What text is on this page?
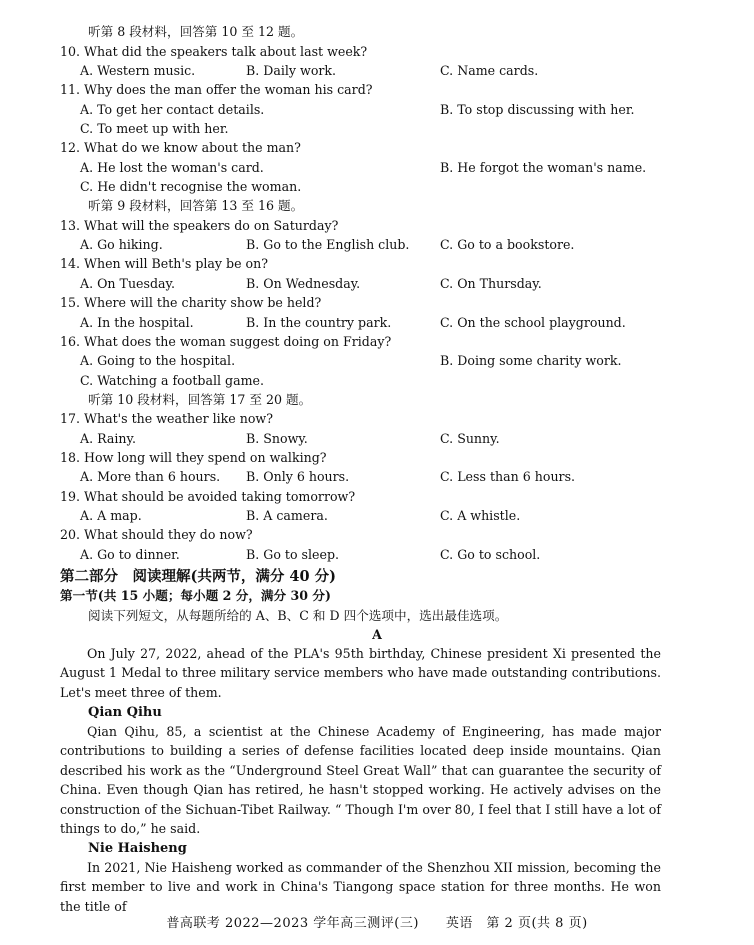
听第 8 段材料，回答第 10 至 12 题。
10. What did the speakers talk about last week?
A. Western music.	B. Daily work.	C. Name cards.
11. Why does the man offer the woman his card?
A. To get her contact details.	B. To stop discussing with her.
C. To meet up with her.
12. What do we know about the man?
A. He lost the woman's card.	B. He forgot the woman's name.
C. He didn't recognise the woman.
听第 9 段材料，回答第 13 至 16 题。
13. What will the speakers do on Saturday?
A. Go hiking.	B. Go to the English club. C. Go to a bookstore.
14. When will Beth's play be on?
A. On Tuesday.	B. On Wednesday.	C. On Thursday.
15. Where will the charity show be held?
A. In the hospital.	B. In the country park.	C. On the school playground.
16. What does the woman suggest doing on Friday?
A. Going to the hospital.	B. Doing some charity work.
C. Watching a football game.
听第 10 段材料，回答第 17 至 20 题。
17. What's the weather like now?
A. Rainy.	B. Snowy.	C. Sunny.
18. How long will they spend on walking?
A. More than 6 hours. B. Only 6 hours.	C. Less than 6 hours.
19. What should be avoided taking tomorrow?
A. A map.	B. A camera.	C. A whistle.
20. What should they do now?
A. Go to dinner.	B. Go to sleep.	C. Go to school.
第二部分　阅读理解(共两节，满分 40 分)
第一节(共 15 小题；每小题 2 分，满分 30 分)
阅读下列短文，从每题所给的 A、B、C 和 D 四个选项中，选出最佳选项。
A
On July 27, 2022, ahead of the PLA's 95th birthday, Chinese president Xi presented the August 1 Medal to three military service members who have made outstanding contributions. Let's meet three of them.
Qian Qihu
Qian Qihu, 85, a scientist at the Chinese Academy of Engineering, has made major contributions to building a series of defense facilities located deep inside mountains. Qian described his work as the “Underground Steel Great Wall” that can guarantee the security of China. Even though Qian has retired, he hasn't stopped working. He actively advises on the construction of the Sichuan-Tibet Railway. “ Though I'm over 80, I feel that I still have a lot of things to do,” he said.
Nie Haisheng
In 2021, Nie Haisheng worked as commander of the Shenzhou XII mission, becoming the first member to live and work in China's Tiangong space station for three months. He won the title of
普高联考 2022—2023 学年高三测评(三)　　英语　第 2 页(共 8 页)
